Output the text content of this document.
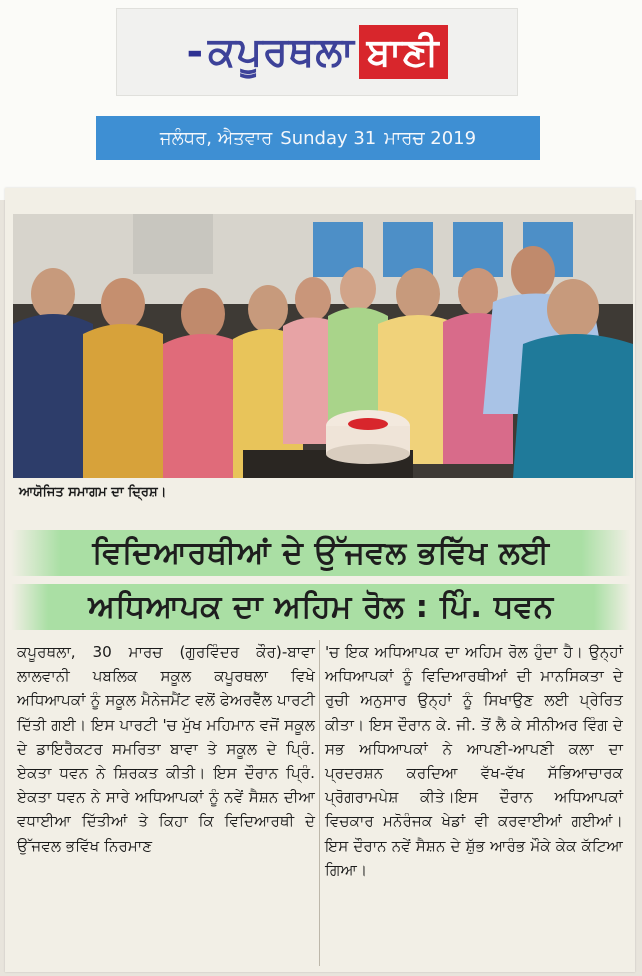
- ਕਪੂਰਥਲਾ ਬਾਣੀ
ਜਲੰਧਰ, ਐਤਵਾਰ Sunday 31 ਮਾਰਚ 2019
ਆਯੋਜਿਤ ਸਮਾਗਮ ਦਾ ਦ੍ਰਿਸ਼।
ਵਿਦਿਆਰਥੀਆਂ ਦੇ ਉੱਜਵਲ ਭਵਿੱਖ ਲਈ
ਅਧਿਆਪਕ ਦਾ ਅਹਿਮ ਰੋਲ : ਪਿੰ. ਧਵਨ
ਕਪੂਰਥਲਾ, 30 ਮਾਰਚ (ਗੁਰਵਿੰਦਰ ਕੌਰ)-ਬਾਵਾ ਲਾਲਵਾਨੀ ਪਬਲਿਕ ਸਕੂਲ ਕਪੂਰਥਲਾ ਵਿਖੇ ਅਧਿਆਪਕਾਂ ਨੂੰ ਸਕੂਲ ਮੈਨੇਜਮੈਂਟ ਵਲੋਂ ਫੇਅਰਵੈੱਲ ਪਾਰਟੀ ਦਿੱਤੀ ਗਈ। ਇਸ ਪਾਰਟੀ 'ਚ ਮੁੱਖ ਮਹਿਮਾਨ ਵਜੋਂ ਸਕੂਲ ਦੇ ਡਾਇਰੈਕਟਰ ਸਮਰਿਤਾ ਬਾਵਾ ਤੇ ਸਕੂਲ ਦੇ ਪ੍ਰਿੰ. ਏਕਤਾ ਧਵਨ ਨੇ ਸ਼ਿਰਕਤ ਕੀਤੀ। ਇਸ ਦੌਰਾਨ ਪ੍ਰਿੰ. ਏਕਤਾ ਧਵਨ ਨੇ ਸਾਰੇ ਅਧਿਆਪਕਾਂ ਨੂੰ ਨਵੇਂ ਸੈਸ਼ਨ ਦੀਆ ਵਧਾਈਆ ਦਿੱਤੀਆਂ ਤੇ ਕਿਹਾ ਕਿ ਵਿਦਿਆਰਥੀ ਦੇ ਉੱਜਵਲ ਭਵਿੱਖ ਨਿਰਮਾਣ
'ਚ ਇਕ ਅਧਿਆਪਕ ਦਾ ਅਹਿਮ ਰੋਲ ਹੁੰਦਾ ਹੈ। ਉਨ੍ਹਾਂ ਅਧਿਆਪਕਾਂ ਨੂੰ ਵਿਦਿਆਰਥੀਆਂ ਦੀ ਮਾਨਸਿਕਤਾ ਦੇ ਰੁਚੀ ਅਨੁਸਾਰ ਉਨ੍ਹਾਂ ਨੂੰ ਸਿਖਾਉਣ ਲਈ ਪ੍ਰੇਰਿਤ ਕੀਤਾ। ਇਸ ਦੌਰਾਨ ਕੇ. ਜੀ. ਤੋਂ ਲੈ ਕੇ ਸੀਨੀਅਰ ਵਿੰਗ ਦੇ ਸਭ ਅਧਿਆਪਕਾਂ ਨੇ ਆਪਣੀ-ਆਪਣੀ ਕਲਾ ਦਾ ਪ੍ਰਦਰਸ਼ਨ ਕਰਦਿਆ ਵੱਖ-ਵੱਖ ਸੱਭਿਆਚਾਰਕ ਪ੍ਰੋਗਰਾਮਪੇਸ਼ ਕੀਤੇ।ਇਸ ਦੌਰਾਨ ਅਧਿਆਪਕਾਂ ਵਿਚਕਾਰ ਮਨੋਰੰਜਕ ਖੇਡਾਂ ਵੀ ਕਰਵਾਈਆਂ ਗਈਆਂ। ਇਸ ਦੌਰਾਨ ਨਵੇਂ ਸੈਸ਼ਨ ਦੇ ਸ਼ੁੱਭ ਆਰੰਭ ਮੌਕੇ ਕੇਕ ਕੱਟਿਆ ਗਿਆ।
